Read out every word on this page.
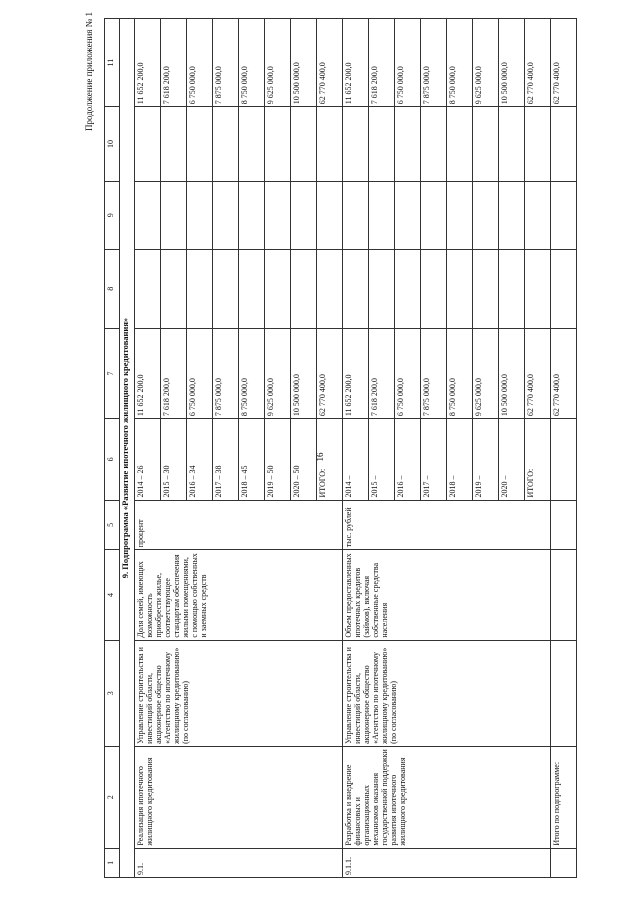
16
Продолжение приложения № 1
1	2	3	4	5	6	7	8	9	10	11
9. Подпрограмма «Развитие ипотечного жилищного кредитования»										
9.1.	Реализация ипотечного жилищного кредитования	Управление строительства и инвестиций области, акционерное общество «Агентство по ипотечному жилищному кредитованию» (по согласованию)	Доля семей, имеющих возможность приобрести жилье, соответствующее стандартам обеспечения жилыми помещениями, с помощью собственных и заемных средств	процент	2014 – 26	11 652 200,0				11 652 200,0
					2015 – 30	7 618 200,0				7 618 200,0
					2016 – 34	6 750 000,0				6 750 000,0
					2017 – 38	7 875 000,0				7 875 000,0
					2018 – 45	8 750 000,0				8 750 000,0
					2019 – 50	9 625 000,0				9 625 000,0
					2020 – 50	10 500 000,0				10 500 000,0
					ИТОГО:	62 770 400,0				62 770 400,0
9.1.1.	Разработка и внедрение финансовых и организационных механизмов оказания государственной поддержки развития ипотечного жилищного кредитования	Управление строительства и инвестиций области, акционерное общество «Агентство по ипотечному жилищному кредитованию» (по согласованию)	Объем предоставленных ипотечных кредитов (займов), включая собственные средства населения	тыс. рублей	2014 –	11 652 200,0				11 652 200,0
					2015 –	7 618 200,0				7 618 200,0
					2016 –	6 750 000,0				6 750 000,0
					2017 –	7 875 000,0				7 875 000,0
					2018 –	8 750 000,0				8 750 000,0
					2019 –	9 625 000,0				9 625 000,0
					2020 –	10 500 000,0				10 500 000,0
					ИТОГО:	62 770 400,0				62 770 400,0
	Итого по подпрограмме:					62 770 400,0				62 770 400,0
